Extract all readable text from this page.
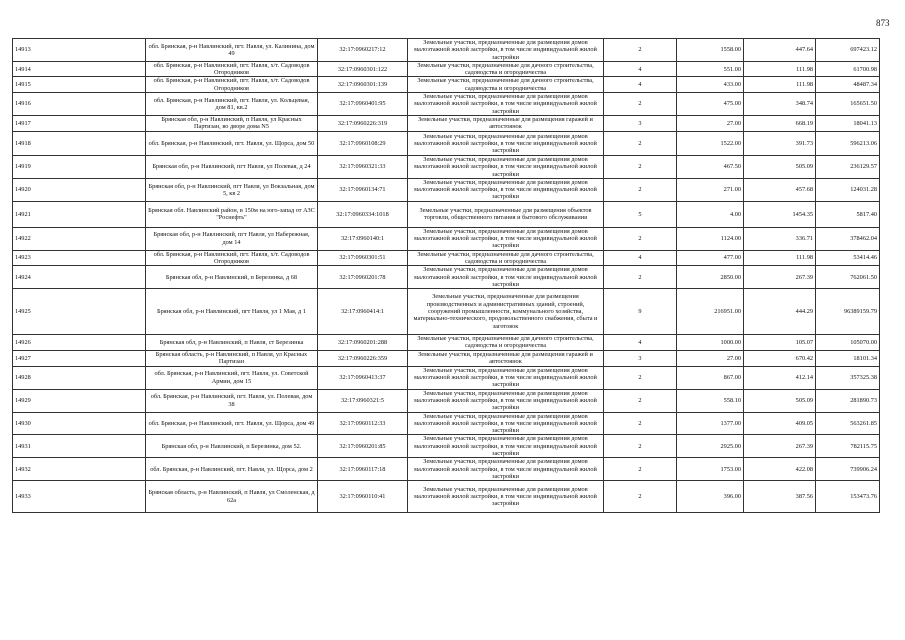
873
14913	обл. Брянская, р-н Навлинский, пгт. Навля, ул. Калинина, дом 49	32:17:0960217:12	Земельные участки, предназначенные для размещения домов малоэтажной жилой застройки, в том числе индивидуальной жилой застройки	2	1558.00	447.64	697423.12
14914	обл. Брянская, р-н Навлинский, пгт. Навля, х/т. Садоводов Огородников	32:17:0960301:122	Земельные участки, предназначенные для дачного строительства, садоводства и огородничества	4	551.00	111.98	61700.98
14915	обл. Брянская, р-н Навлинский, пгт. Навля, х/т. Садоводов Огородников	32:17:0960301:139	Земельные участки, предназначенные для дачного строительства, садоводства и огородничества	4	433.00	111.98	48487.34
14916	обл. Брянская, р-н Навлинский, пгт. Навля, ул. Кольцевая, дом 81, кв.2	32:17:0960401:95	Земельные участки, предназначенные для размещения домов малоэтажной жилой застройки, в том числе индивидуальной жилой застройки	2	475.00	348.74	165651.50
14917	Брянская обл, р-н Навлинский, п Навля, ул Красных Партизан, во дворе дома N5	32:17:0960226:319	Земельные участки, предназначенные для размещения гаражей и автостоянок	3	27.00	668.19	18041.13
14918	обл. Брянская, р-н Навлинский, пгт. Навля, ул. Щорса, дом 50	32:17:0960108:29	Земельные участки, предназначенные для размещения домов малоэтажной жилой застройки, в том числе индивидуальной жилой застройки	2	1522.00	391.73	596213.06
14919	Брянская обл, р-н Навлинский, пгт Навля, ул Полевая, д 24	32:17:0960321:33	Земельные участки, предназначенные для размещения домов малоэтажной жилой застройки, в том числе индивидуальной жилой застройки	2	467.50	505.09	236129.57
14920	Брянская обл, р-н Навлинский, пгт Навля, ул Вокзальная, дом 5, кв 2	32:17:0960134:71	Земельные участки, предназначенные для размещения домов малоэтажной жилой застройки, в том числе индивидуальной жилой застройки	2	271.00	457.68	124031.28
14921	Брянская обл. Навлинский район, в 150м на юго-запад от АЗС "Роснефть"	32:17:0960334:1018	Земельные участки, предназначенные для размещения объектов торговли, общественного питания и бытового обслуживания	5	4.00	1454.35	5817.40
14922	Брянская обл, р-н Навлинский, пгт Навля, ул Набережная, дом 14	32:17:0960140:1	Земельные участки, предназначенные для размещения домов малоэтажной жилой застройки, в том числе индивидуальной жилой застройки	2	1124.00	336.71	378462.04
14923	обл. Брянская, р-н Навлинский, пгт. Навля, х/т. Садоводов Огородников	32:17:0960301:51	Земельные участки, предназначенные для дачного строительства, садоводства и огородничества	4	477.00	111.98	53414.46
14924	Брянская обл, р-н Навлинский, п Березинка, д 68	32:17:0960201:78	Земельные участки, предназначенные для размещения домов малоэтажной жилой застройки, в том числе индивидуальной жилой застройки	2	2850.00	267.39	762061.50
14925	Брянская обл, р-н Навлинский, пгт Навля, ул 1 Мая, д 1	32:17:0960414:1	Земельные участки, предназначенные для размещения производственных и административных зданий, строений, сооружений промышленности, коммунального хозяйства, материально-технического, продовольственного снабжения, сбыта и заготовок	9	216951.00	444.29	96389159.79
14926	Брянская обл, р-н Навлинский, п Навля, ст Березинка	32:17:0960201:288	Земельные участки, предназначенные для дачного строительства, садоводства и огородничества	4	1000.00	105.07	105070.00
14927	Брянская область, р-н Навлинский, п Навля, ул Красных Партизан	32:17:0960226:359	Земельные участки, предназначенные для размещения гаражей и автостоянок	3	27.00	670.42	18101.34
14928	обл. Брянская, р-н Навлинский, пгт. Навля, ул. Советской Армии, дом 15	32:17:0960413:37	Земельные участки, предназначенные для размещения домов малоэтажной жилой застройки, в том числе индивидуальной жилой застройки	2	867.00	412.14	357325.38
14929	обл. Брянская, р-н Навлинский, пгт. Навля, ул. Полевая, дом 38	32:17:0960321:5	Земельные участки, предназначенные для размещения домов малоэтажной жилой застройки, в том числе индивидуальной жилой застройки	2	558.10	505.09	281890.73
14930	обл. Брянская, р-н Навлинский, пгт. Навля, ул. Щорса, дом 49	32:17:0960112:33	Земельные участки, предназначенные для размещения домов малоэтажной жилой застройки, в том числе индивидуальной жилой застройки	2	1377.00	409.05	563261.85
14931	Брянская обл, р-н Навлинский, п Березинка, дом 52.	32:17:0960201:85	Земельные участки, предназначенные для размещения домов малоэтажной жилой застройки, в том числе индивидуальной жилой застройки	2	2925.00	267.39	782115.75
14932	обл. Брянская, р-н Навлинский, пгт. Навля, ул. Щорса, дом 2	32:17:0960117:18	Земельные участки, предназначенные для размещения домов малоэтажной жилой застройки, в том числе индивидуальной жилой застройки	2	1753.00	422.08	739906.24
14933	Брянская область, р-н Навлинский, п Навля, ул Смоленская, д 62а	32:17:0960110:41	Земельные участки, предназначенные для размещения домов малоэтажной жилой застройки, в том числе индивидуальной жилой застройки	2	396.00	387.56	153473.76
